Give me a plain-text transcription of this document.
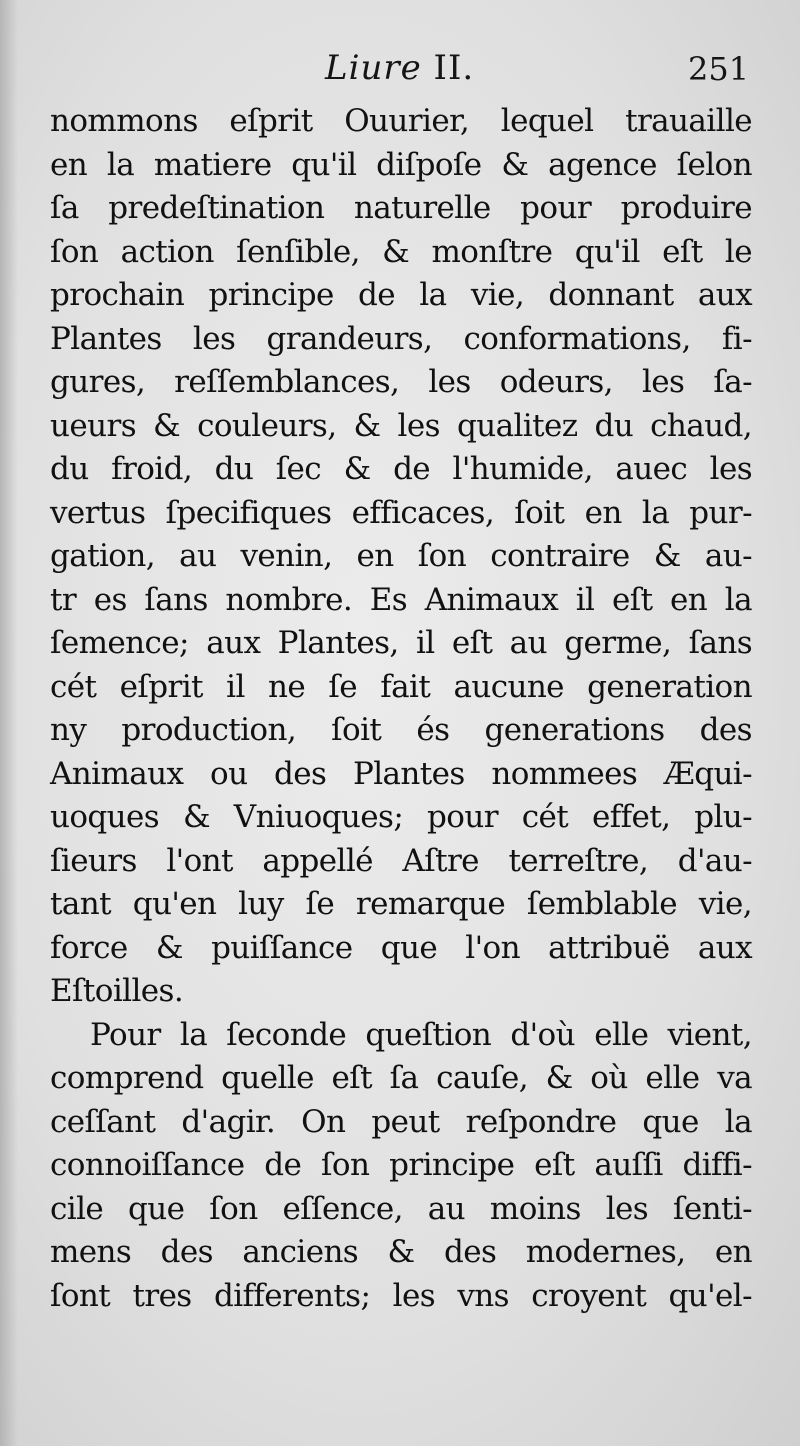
Liure II.	251
nommons eſprit Ouurier, lequel trauaille
en la matiere qu'il diſpoſe & agence ſelon
ſa predeſtination naturelle pour produire
ſon action ſenſible, & monſtre qu'il eſt le
prochain principe de la vie, donnant aux
Plantes les grandeurs, conformations, fi-
gures, reſſemblances, les odeurs, les ſa-
ueurs & couleurs, & les qualitez du chaud,
du froid, du ſec & de l'humide, auec les
vertus ſpecifiques efficaces, ſoit en la pur-
gation, au venin, en ſon contraire & au-
tr es ſans nombre. Es Animaux il eſt en la
ſemence; aux Plantes, il eſt au germe, ſans
cét eſprit il ne ſe fait aucune generation
ny production, ſoit és generations des
Animaux ou des Plantes nommees Æqui-
uoques & Vniuoques; pour cét effet, plu-
ſieurs l'ont appellé Aſtre terreſtre, d'au-
tant qu'en luy ſe remarque ſemblable vie,
force & puiſſance que l'on attribuë aux
Eſtoilles.
Pour la ſeconde queſtion d'où elle vient,
comprend quelle eſt ſa cauſe, & où elle va
ceſſant d'agir. On peut reſpondre que la
connoiſſance de ſon principe eſt auſſi diffi-
cile que ſon eſſence, au moins les ſenti-
mens des anciens & des modernes, en
ſont tres differents; les vns croyent qu'el-
